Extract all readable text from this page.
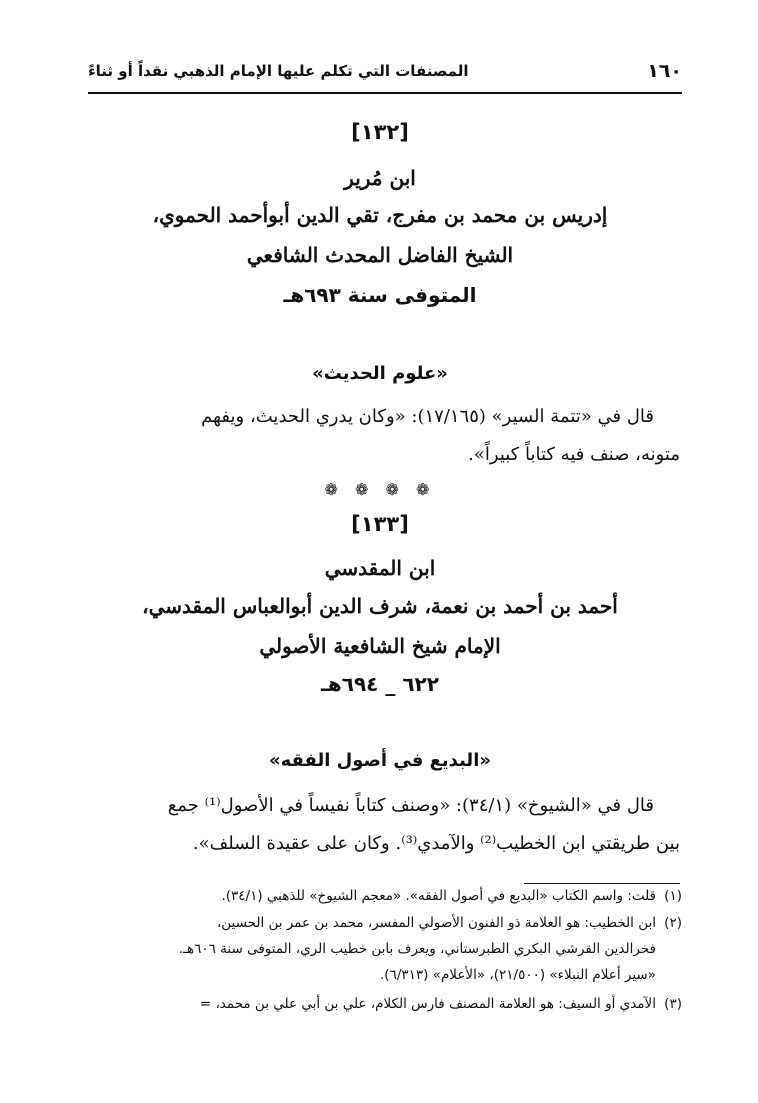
١٦٠
المصنفات التي تكلم عليها الإمام الذهبي نقداً أو ثناءً
[١٣٢]
ابن مُرير
إدريس بن محمد بن مفرج، تقي الدين أبوأحمد الحموي،
الشيخ الفاضل المحدث الشافعي
المتوفى سنة ٦٩٣هـ
«علوم الحديث»
قال في «تتمة السير» (١٧/١٦٥): «وكان يدري الحديث، ويفهم
متونه، صنف فيه كتاباً كبيراً».
❁ ❁ ❁ ❁
[١٣٣]
ابن المقدسي
أحمد بن أحمد بن نعمة، شرف الدين أبوالعباس المقدسي،
الإمام شيخ الشافعية الأصولي
٦٢٢ _ ٦٩٤هـ
«البديع في أصول الفقه»
قال في «الشيوخ» (٣٤/١): «وصنف كتاباً نفيساً في الأصول⁽¹⁾ جمع
بين طريقتي ابن الخطيب⁽²⁾ والآمدي⁽³⁾. وكان على عقيدة السلف».
(١)قلت: واسم الكتاب «البديع في أصول الفقه». «معجم الشيوخ» للذهبي (٣٤/١).
(٢)ابن الخطيب: هو العلامة ذو الفنون الأصولي المفسر، محمد بن عمر بن الحسين،
فخرالدين القرشي البكري الطبرستاني، ويعرف بابن خطيب الري، المتوفى سنة ٦٠٦هـ.
«سير أعلام النبلاء» (٢١/٥٠٠)، «الأعلام» (٦/٣١٣).
(٣)الآمدي أو السيف: هو العلامة المصنف فارس الكلام، علي بن أبي علي بن محمد، =
